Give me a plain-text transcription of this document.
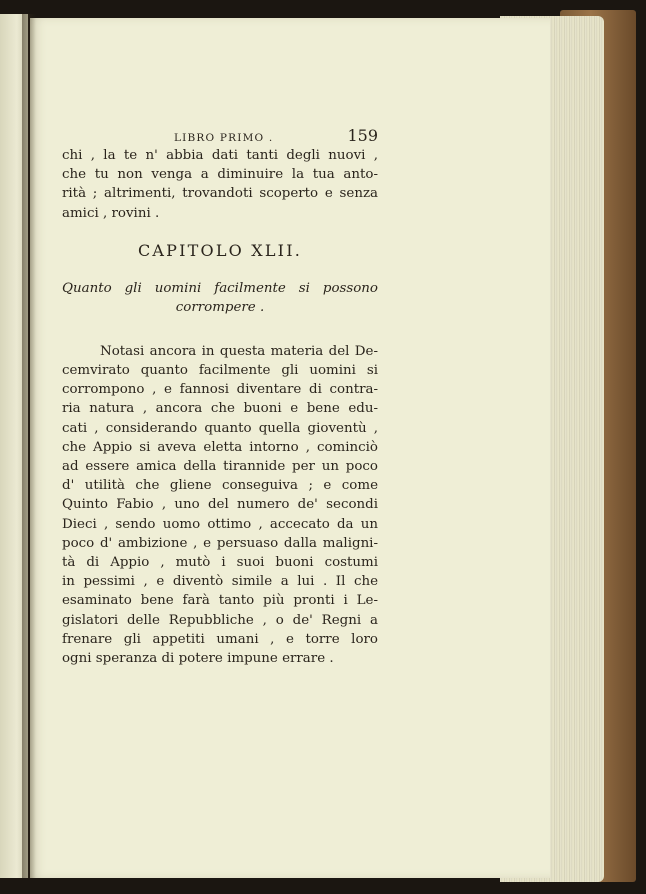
LIBRO PRIMO .	159
chi , la te n' abbia dati tanti degli nuovi ,
che tu non venga a diminuire la tua anto-
rità ; altrimenti, trovandoti scoperto e senza
amici , rovini .
CAPITOLO XLII.
Quanto gli uomini facilmente si possono
corrompere .
Notasi ancora in questa materia del De-
cemvirato quanto facilmente gli uomini si
corrompono , e fannosi diventare di contra-
ria natura , ancora che buoni e bene edu-
cati , considerando quanto quella gioventù ,
che Appio si aveva eletta intorno , cominciò
ad essere amica della tirannide per un poco
d' utilità che gliene conseguiva ; e come
Quinto Fabio , uno del numero de' secondi
Dieci , sendo uomo ottimo , accecato da un
poco d' ambizione , e persuaso dalla maligni-
tà di Appio , mutò i suoi buoni costumi
in pessimi , e diventò simile a lui . Il che
esaminato bene farà tanto più pronti i Le-
gislatori delle Repubbliche , o de' Regni a
frenare gli appetiti umani , e torre loro
ogni speranza di potere impune errare .
